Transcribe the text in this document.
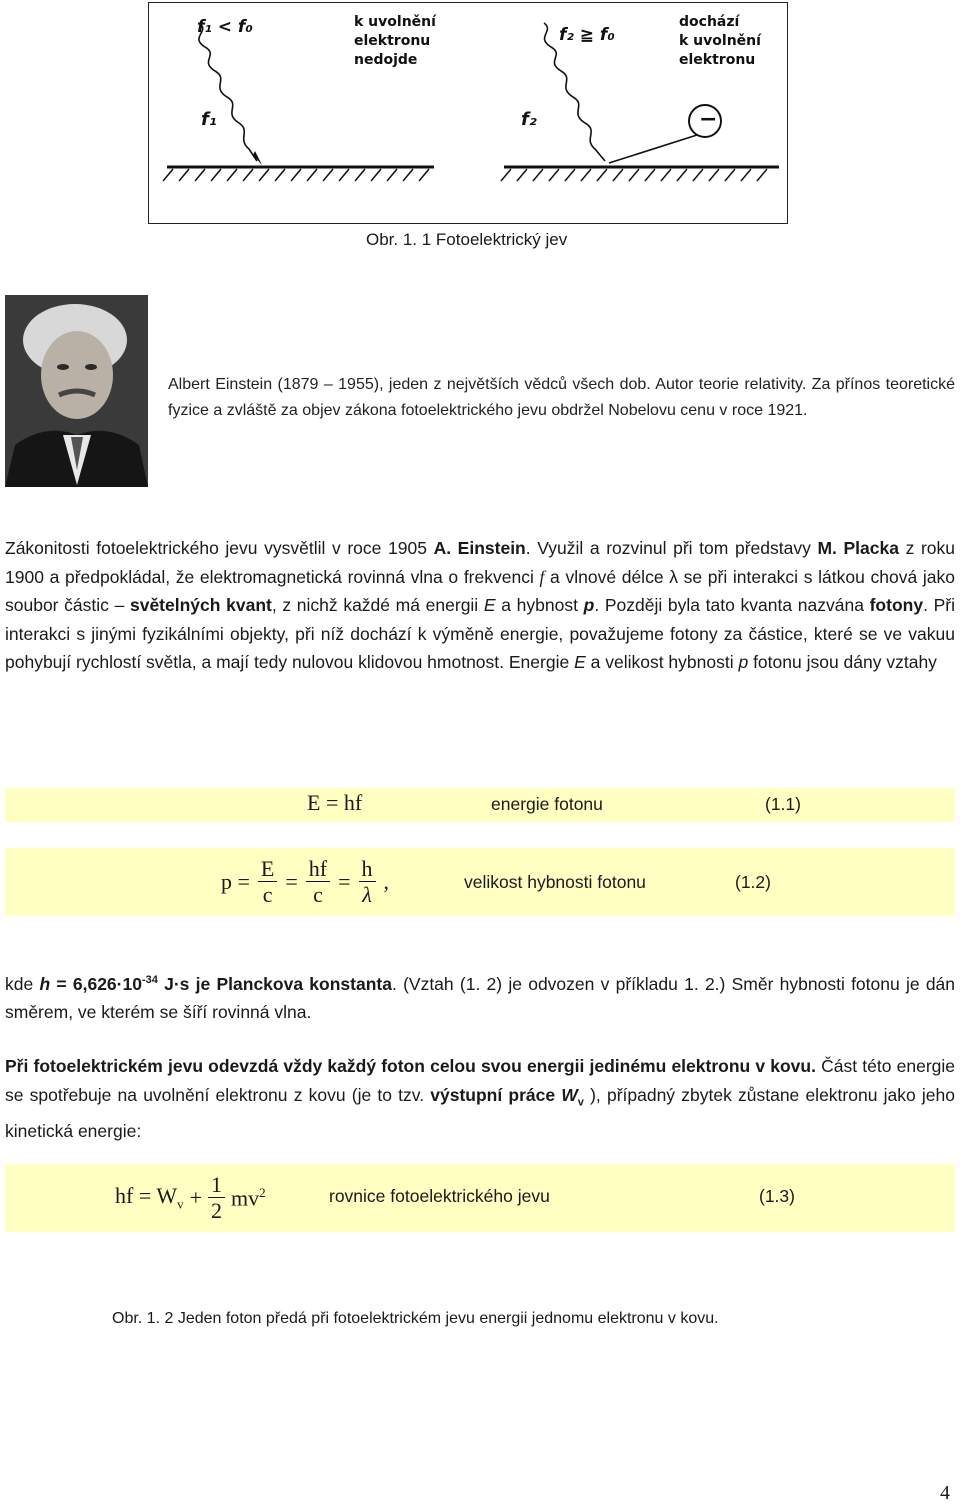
f₁ < f₀	k uvolnění
elektronu
nedojde
f₁
f₂ ≧ f₀
dochází
k uvolnění
elektronu
f₂	−
Obr. 1. 1 Fotoelektrický jev
Albert Einstein (1879 – 1955), jeden z největších vědců všech dob. Autor teorie relativity. Za přínos teoretické fyzice a zvláště za objev zákona fotoelektrického jevu obdržel Nobelovu cenu v roce 1921.
Zákonitosti fotoelektrického jevu vysvětlil v roce 1905 A. Einstein. Využil a rozvinul při tom představy M. Placka z roku 1900 a předpokládal, že elektromagnetická rovinná vlna o frekvenci f a vlnové délce λ se při interakci s látkou chová jako soubor částic – světelných kvant, z nichž každé má energii E a hybnost p. Později byla tato kvanta nazvána fotony. Při interakci s jinými fyzikálními objekty, při níž dochází k výměně energie, považujeme fotony za částice, které se ve vakuu pohybují rychlostí světla, a mají tedy nulovou klidovou hmotnost. Energie E a velikost hybnosti p fotonu jsou dány vztahy
E = hf	energie fotonu	(1.1)
$p = \frac{E}{c} = \frac{hf}{c} = \frac{h}{\lambda}$ ,	velikost hybnosti fotonu	(1.2)
kde $h = 6,626\cdot 10^{-34}$ J·s je Planckova konstanta. (Vztah (1. 2) je odvozen v příkladu 1. 2.) Směr hybnosti fotonu je dán směrem, ve kterém se šíří rovinná vlna.
Při fotoelektrickém jevu odevzdá vždy každý foton celou svou energii jedinému elektronu v kovu. Část této energie se spotřebuje na uvolnění elektronu z kovu (je to tzv. výstupní práce $W_v$ ), případný zbytek zůstane elektronu jako jeho kinetická energie:
hf = $W_v + \frac{1}{2} mv^2$	rovnice fotoelektrického jevu	(1.3)
Obr. 1. 2 Jeden foton předá při fotoelektrickém jevu energii jednomu elektronu v kovu.
4
